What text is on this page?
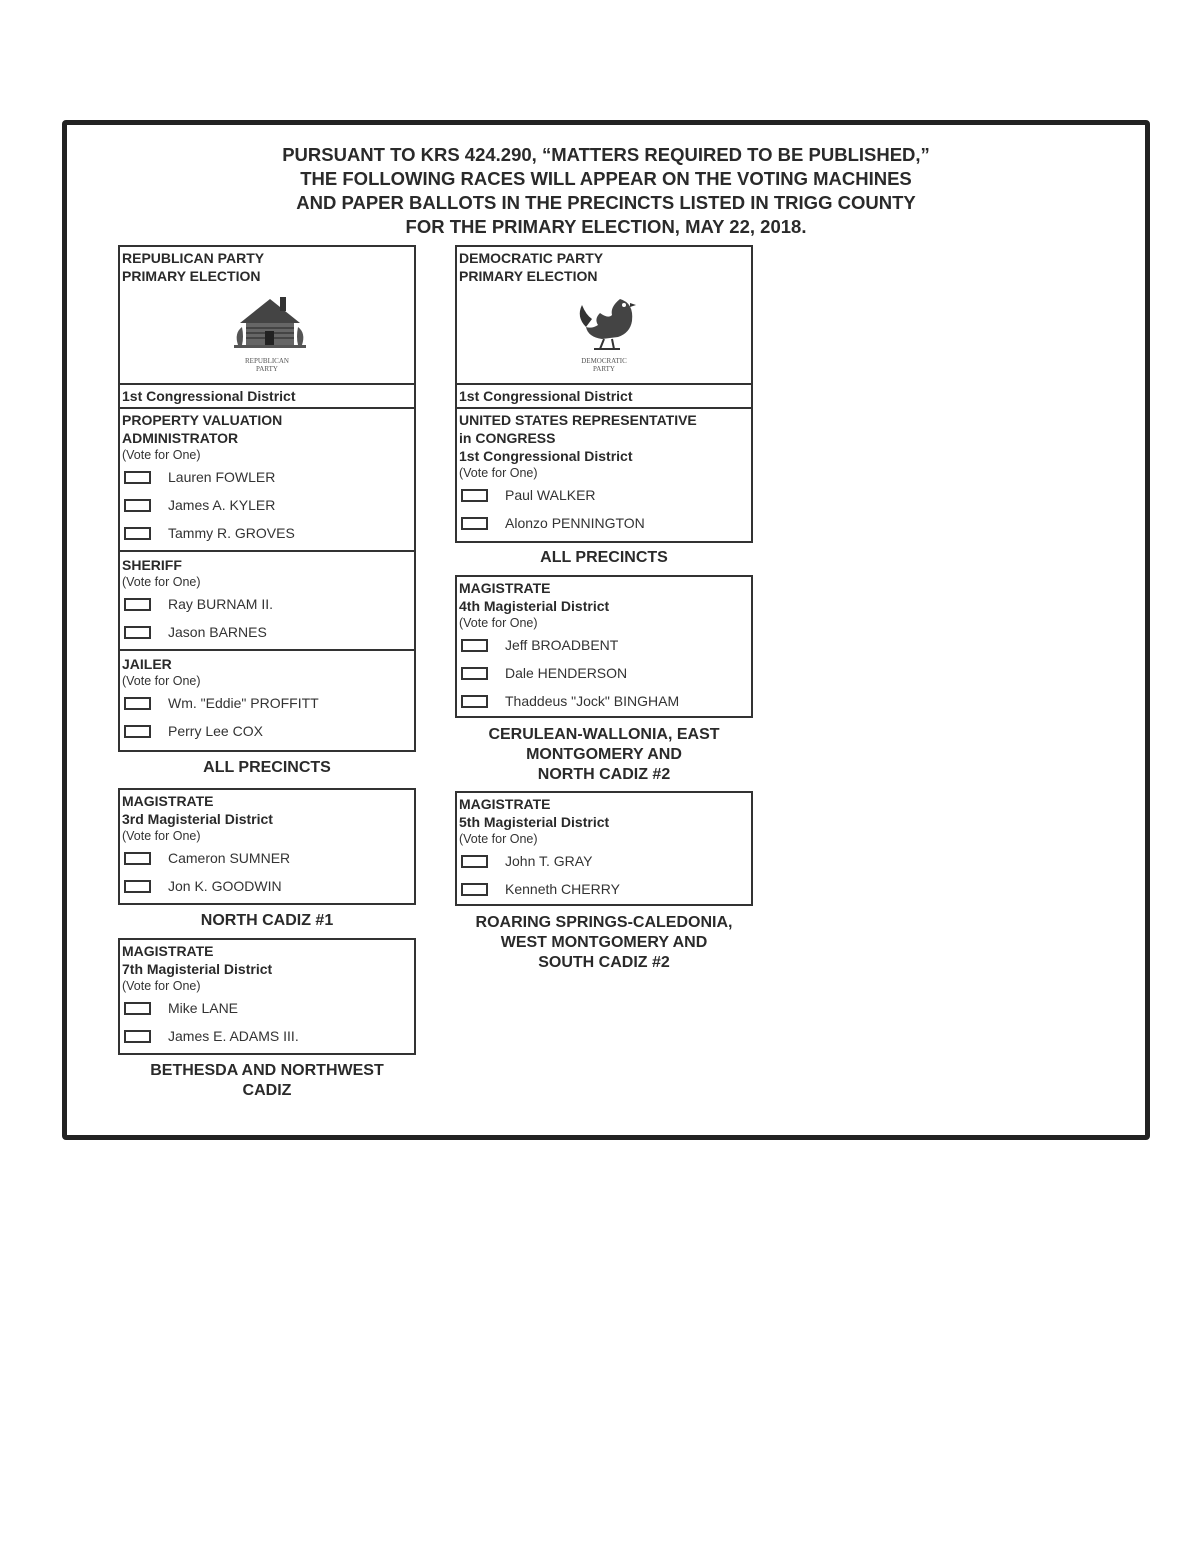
PURSUANT TO KRS 424.290, “MATTERS REQUIRED TO BE PUBLISHED,”
THE FOLLOWING RACES WILL APPEAR ON THE VOTING MACHINES
AND PAPER BALLOTS IN THE PRECINCTS LISTED IN TRIGG COUNTY
FOR THE PRIMARY ELECTION, MAY 22, 2018.
REPUBLICAN PARTY
PRIMARY ELECTION
REPUBLICAN
PARTY
1st Congressional District
PROPERTY VALUATION
ADMINISTRATOR
(Vote for One)
Lauren FOWLER
James A. KYLER
Tammy R. GROVES
SHERIFF
(Vote for One)
Ray BURNAM II.
Jason BARNES
JAILER
(Vote for One)
Wm. "Eddie" PROFFITT
Perry Lee COX
ALL PRECINCTS
MAGISTRATE
3rd Magisterial District
(Vote for One)
Cameron SUMNER
Jon K. GOODWIN
NORTH CADIZ #1
MAGISTRATE
7th Magisterial District
(Vote for One)
Mike LANE
James E. ADAMS III.
BETHESDA AND NORTHWEST
CADIZ
DEMOCRATIC PARTY
PRIMARY ELECTION
DEMOCRATIC
PARTY
1st Congressional District
UNITED STATES REPRESENTATIVE
in CONGRESS
1st Congressional District
(Vote for One)
Paul WALKER
Alonzo PENNINGTON
ALL PRECINCTS
MAGISTRATE
4th Magisterial District
(Vote for One)
Jeff BROADBENT
Dale HENDERSON
Thaddeus "Jock" BINGHAM
CERULEAN-WALLONIA, EAST
MONTGOMERY AND
NORTH CADIZ #2
MAGISTRATE
5th Magisterial District
(Vote for One)
John T. GRAY
Kenneth CHERRY
ROARING SPRINGS-CALEDONIA,
WEST MONTGOMERY AND
SOUTH CADIZ #2
